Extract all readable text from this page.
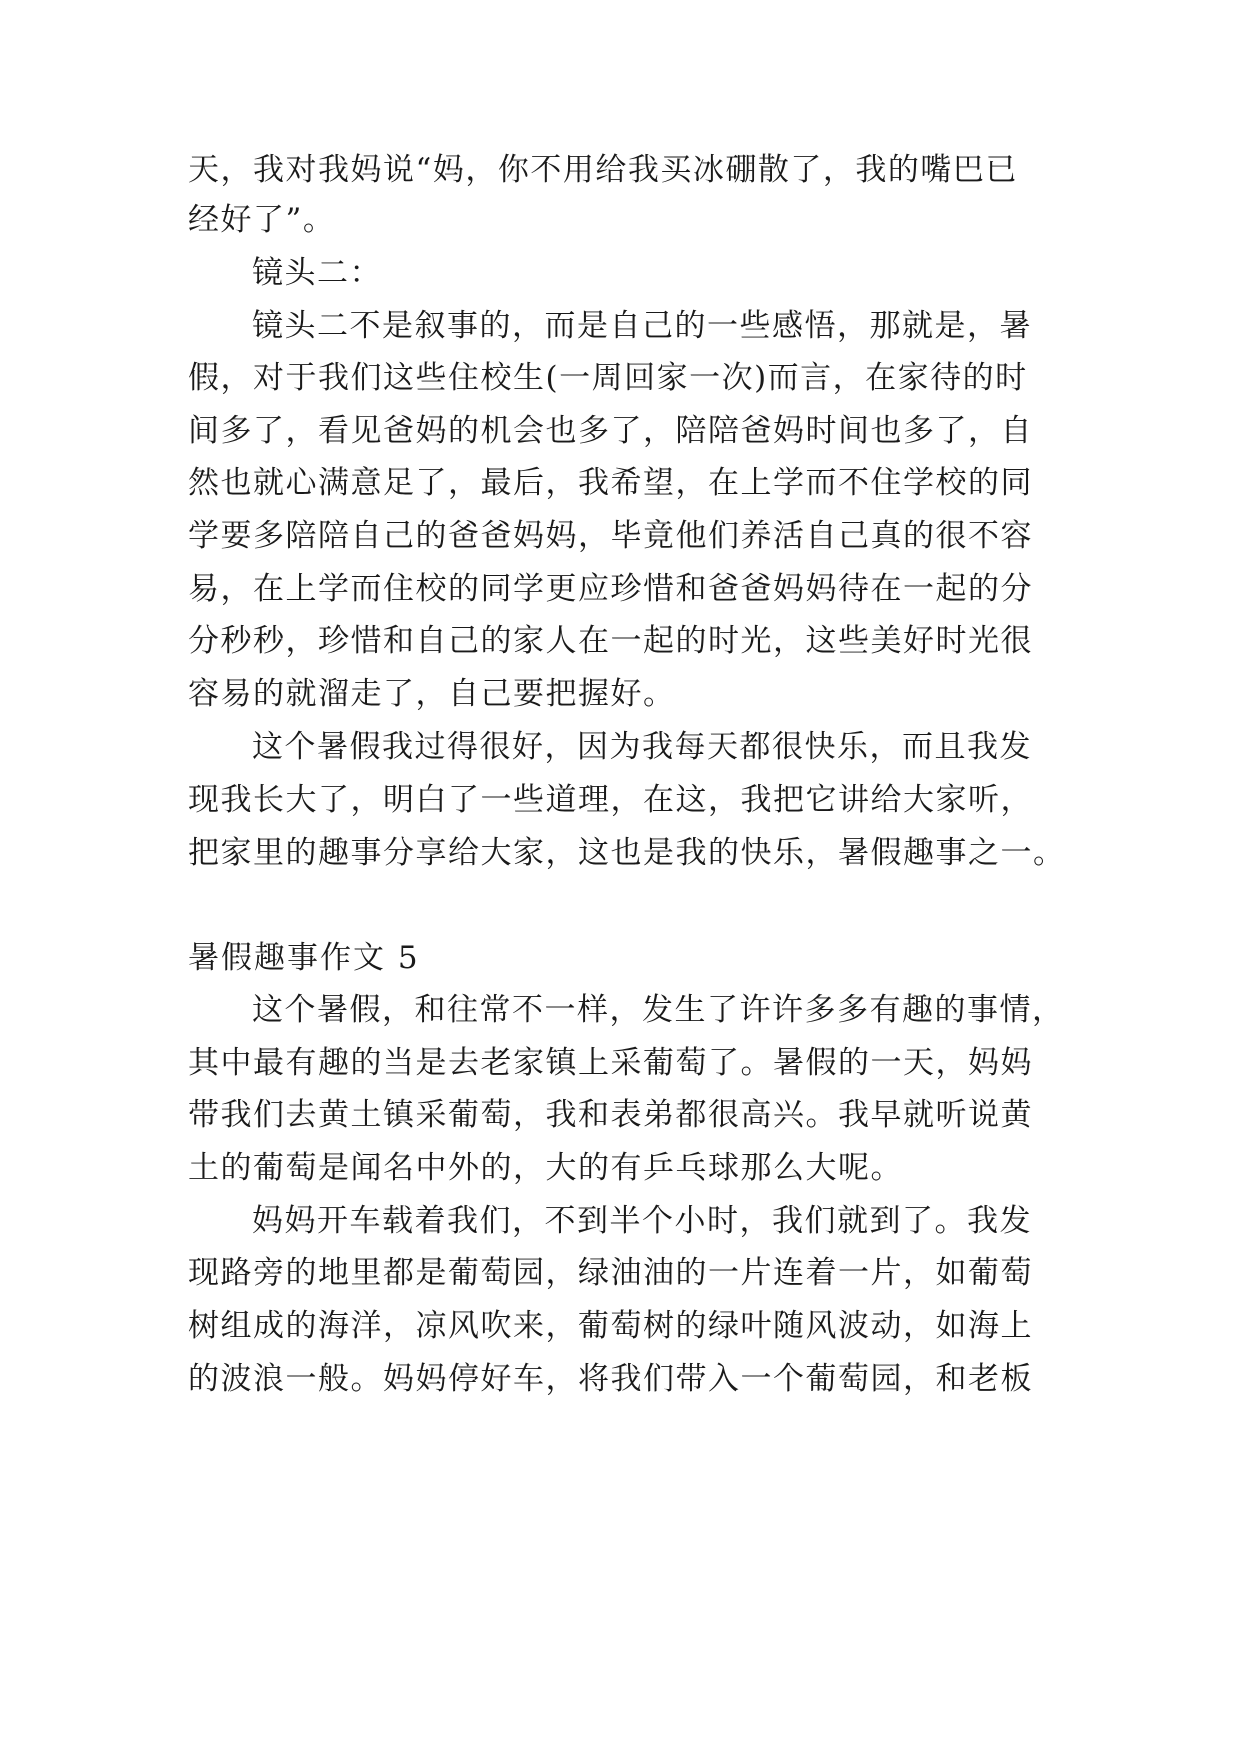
天，我对我妈说“妈，你不用给我买冰硼散了，我的嘴巴已
经好了”。
镜头二：
镜头二不是叙事的，而是自己的一些感悟，那就是，暑
假，对于我们这些住校生(一周回家一次)而言，在家待的时
间多了，看见爸妈的机会也多了，陪陪爸妈时间也多了，自
然也就心满意足了，最后，我希望，在上学而不住学校的同
学要多陪陪自己的爸爸妈妈，毕竟他们养活自己真的很不容
易，在上学而住校的同学更应珍惜和爸爸妈妈待在一起的分
分秒秒，珍惜和自己的家人在一起的时光，这些美好时光很
容易的就溜走了，自己要把握好。
这个暑假我过得很好，因为我每天都很快乐，而且我发
现我长大了，明白了一些道理，在这，我把它讲给大家听，
把家里的趣事分享给大家，这也是我的快乐，暑假趣事之一。
暑假趣事作文 5
这个暑假，和往常不一样，发生了许许多多有趣的事情，
其中最有趣的当是去老家镇上采葡萄了。暑假的一天，妈妈
带我们去黄土镇采葡萄，我和表弟都很高兴。我早就听说黄
土的葡萄是闻名中外的，大的有乒乓球那么大呢。
妈妈开车载着我们，不到半个小时，我们就到了。我发
现路旁的地里都是葡萄园，绿油油的一片连着一片，如葡萄
树组成的海洋，凉风吹来，葡萄树的绿叶随风波动，如海上
的波浪一般。妈妈停好车，将我们带入一个葡萄园，和老板
